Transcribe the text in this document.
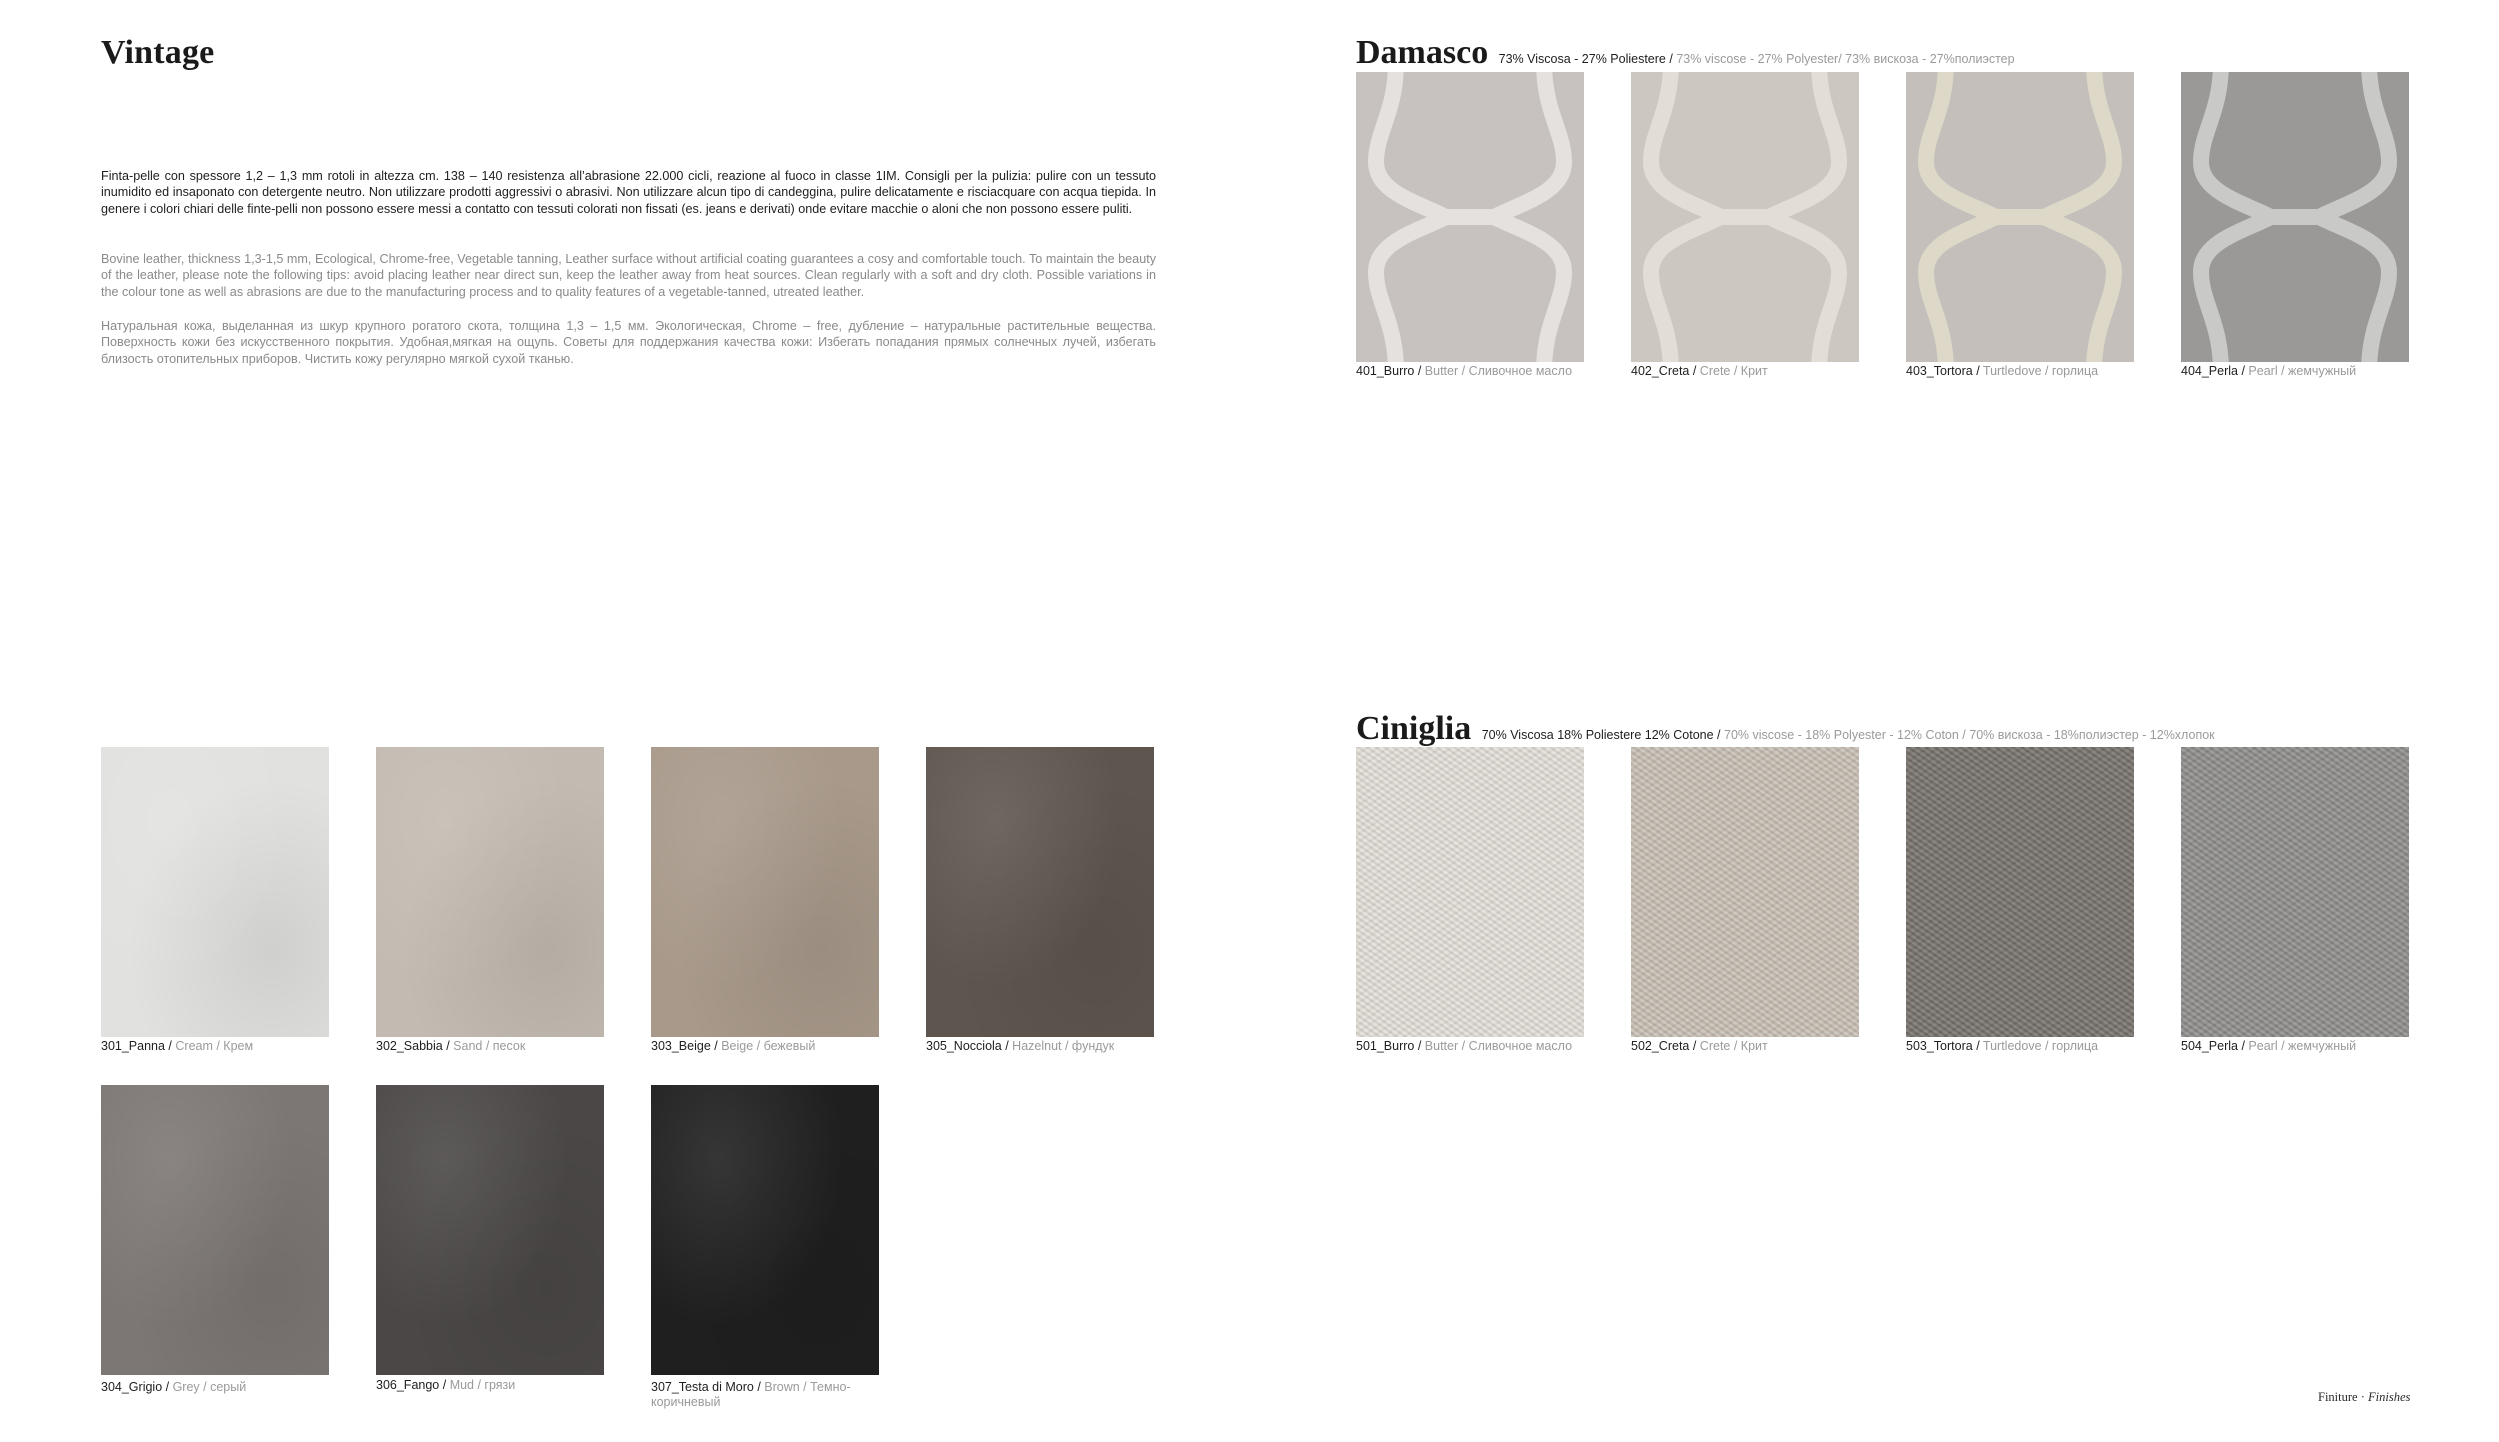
Vintage
Finta-pelle con spessore 1,2 – 1,3 mm rotoli in altezza cm. 138 – 140 resistenza all’abrasione 22.000 cicli, reazione al fuoco in classe 1IM. Consigli per la pulizia: pulire con un tessuto inumidito ed insaponato con detergente neutro. Non utilizzare prodotti aggressivi o abrasivi. Non utilizzare alcun tipo di candeggina, pulire delicatamente e risciacquare con acqua tiepida. In genere i colori chiari delle finte-pelli non possono essere messi a contatto con tessuti colorati non fissati (es. jeans e derivati) onde evitare macchie o aloni che non possono essere puliti.
Bovine leather, thickness 1,3-1,5 mm, Ecological, Chrome-free, Vegetable tanning, Leather surface without artificial coating guarantees a cosy and comfortable touch. To maintain the beauty of the leather, please note the following tips: avoid placing leather near direct sun, keep the leather away from heat sources. Clean regularly with a soft and dry cloth. Possible variations in the colour tone as well as abrasions are due to the manufacturing process and to quality features of a vegetable-tanned, utreated leather.
Натуральная кожа, выделанная из шкур крупного рогатого скота, толщина 1,3 – 1,5 мм. Экологическая, Chrome – free, дубление – натуральные растительные вещества. Поверхность кожи без искусственного покрытия. Удобная,мягкая на ощупь. Советы для поддержания качества кожи: Избегать попадания прямых солнечных лучей, избегать близость отопительных приборов. Чистить кожу регулярно мягкой сухой тканью.
Damasco 73% Viscosa - 27% Poliestere / 73% viscose - 27% Polyester/ 73% вискоза - 27%полиэстер
Ciniglia 70% Viscosa 18% Poliestere 12% Cotone / 70% viscose - 18% Polyester - 12% Coton / 70% вискоза - 18%полиэстер - 12%хлопок
301_Panna / Cream / Крем	302_Sabbia / Sand / песок	303_Beige / Beige / бежевый	305_Nocciola / Hazelnut / фундук
304_Grigio / Grey / серый	306_Fango / Mud / грязи	307_Testa di Moro / Brown / Темно-коричневый
401_Burro / Butter / Сливочное масло	402_Creta / Crete / Крит	403_Tortora / Turtledove / горлица	404_Perla / Pearl / жемчужный
501_Burro / Butter / Сливочное масло	502_Creta / Crete / Крит	503_Tortora / Turtledove / горлица	504_Perla / Pearl / жемчужный
Finiture · Finishes
